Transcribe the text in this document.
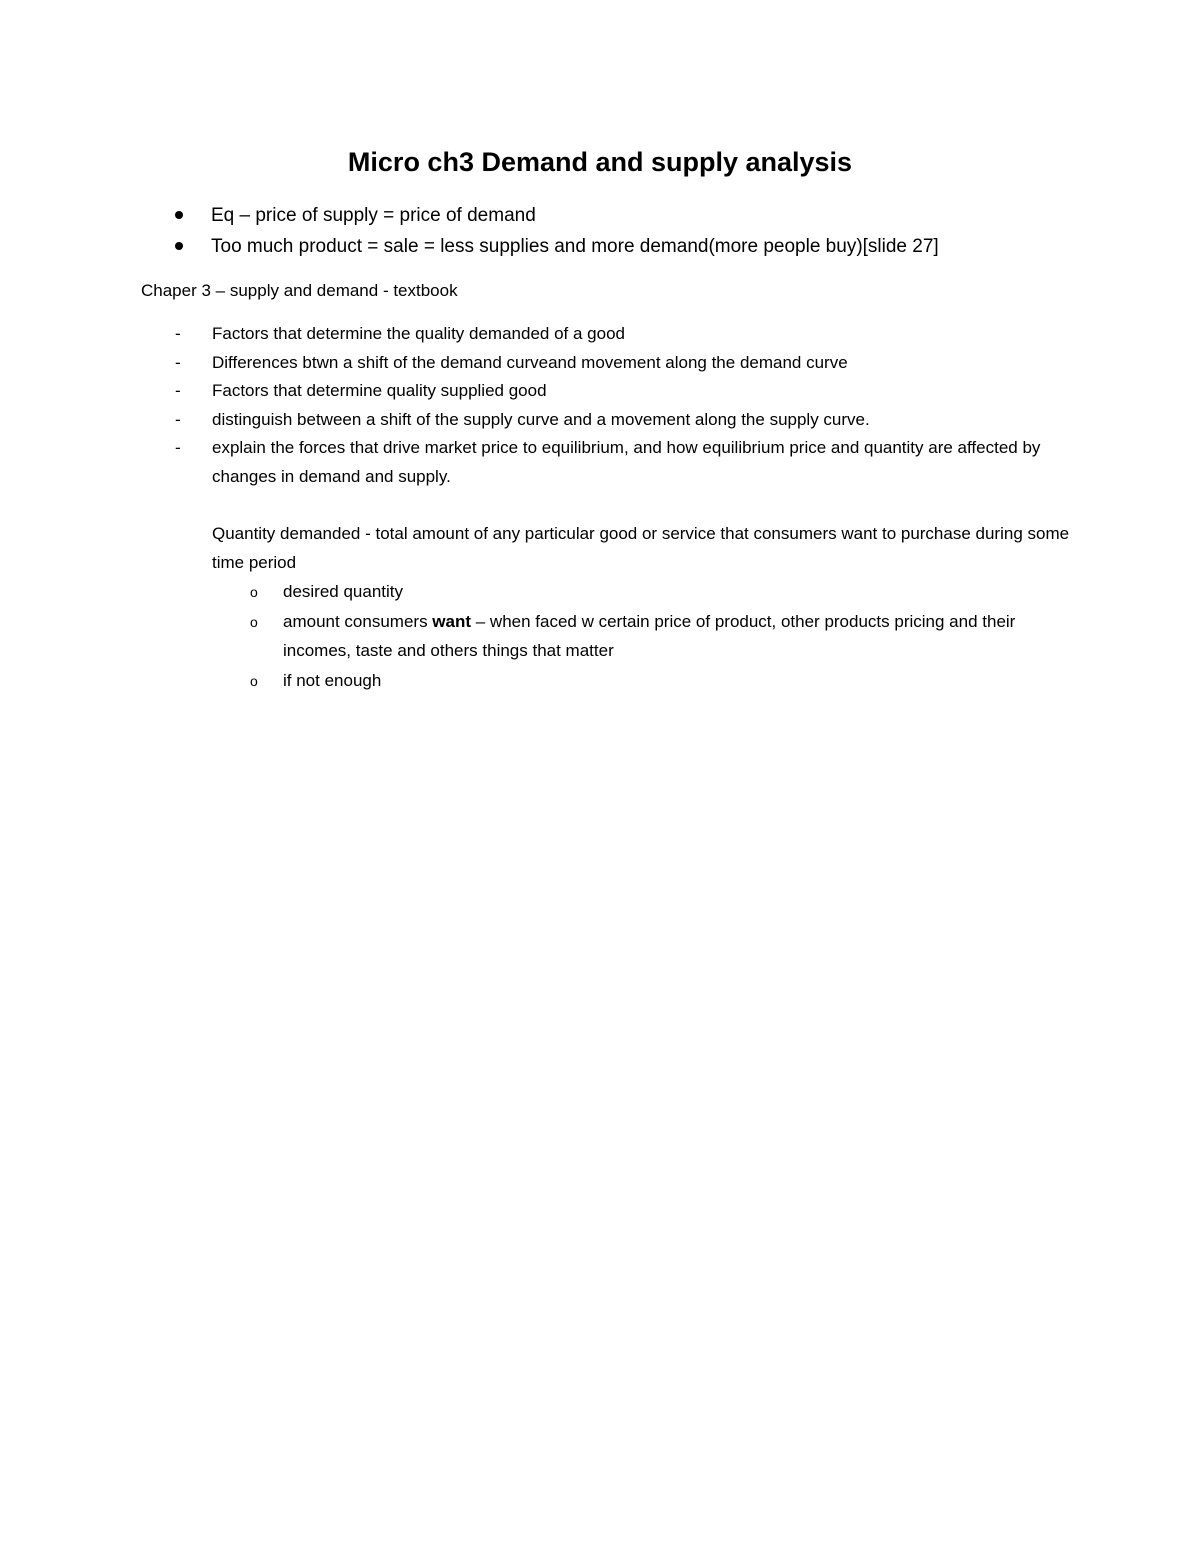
Micro ch3 Demand and supply analysis
Eq – price of supply = price of demand
Too much product = sale = less supplies and more demand(more people buy)[slide 27]
Chaper 3 – supply and demand - textbook
- Factors that determine the quality demanded of a good
- Differences btwn a shift of the demand curveand movement along the demand curve
- Factors that determine quality supplied good
- distinguish between a shift of the supply curve and a movement along the supply curve.
- explain the forces that drive market price to equilibrium, and how equilibrium price and quantity are affected by changes in demand and supply.
Quantity demanded - total amount of any particular good or service that consumers want to purchase during some time period
o desired quantity
o amount consumers want – when faced w certain price of product, other products pricing and their incomes, taste and others things that matter
o if not enough
